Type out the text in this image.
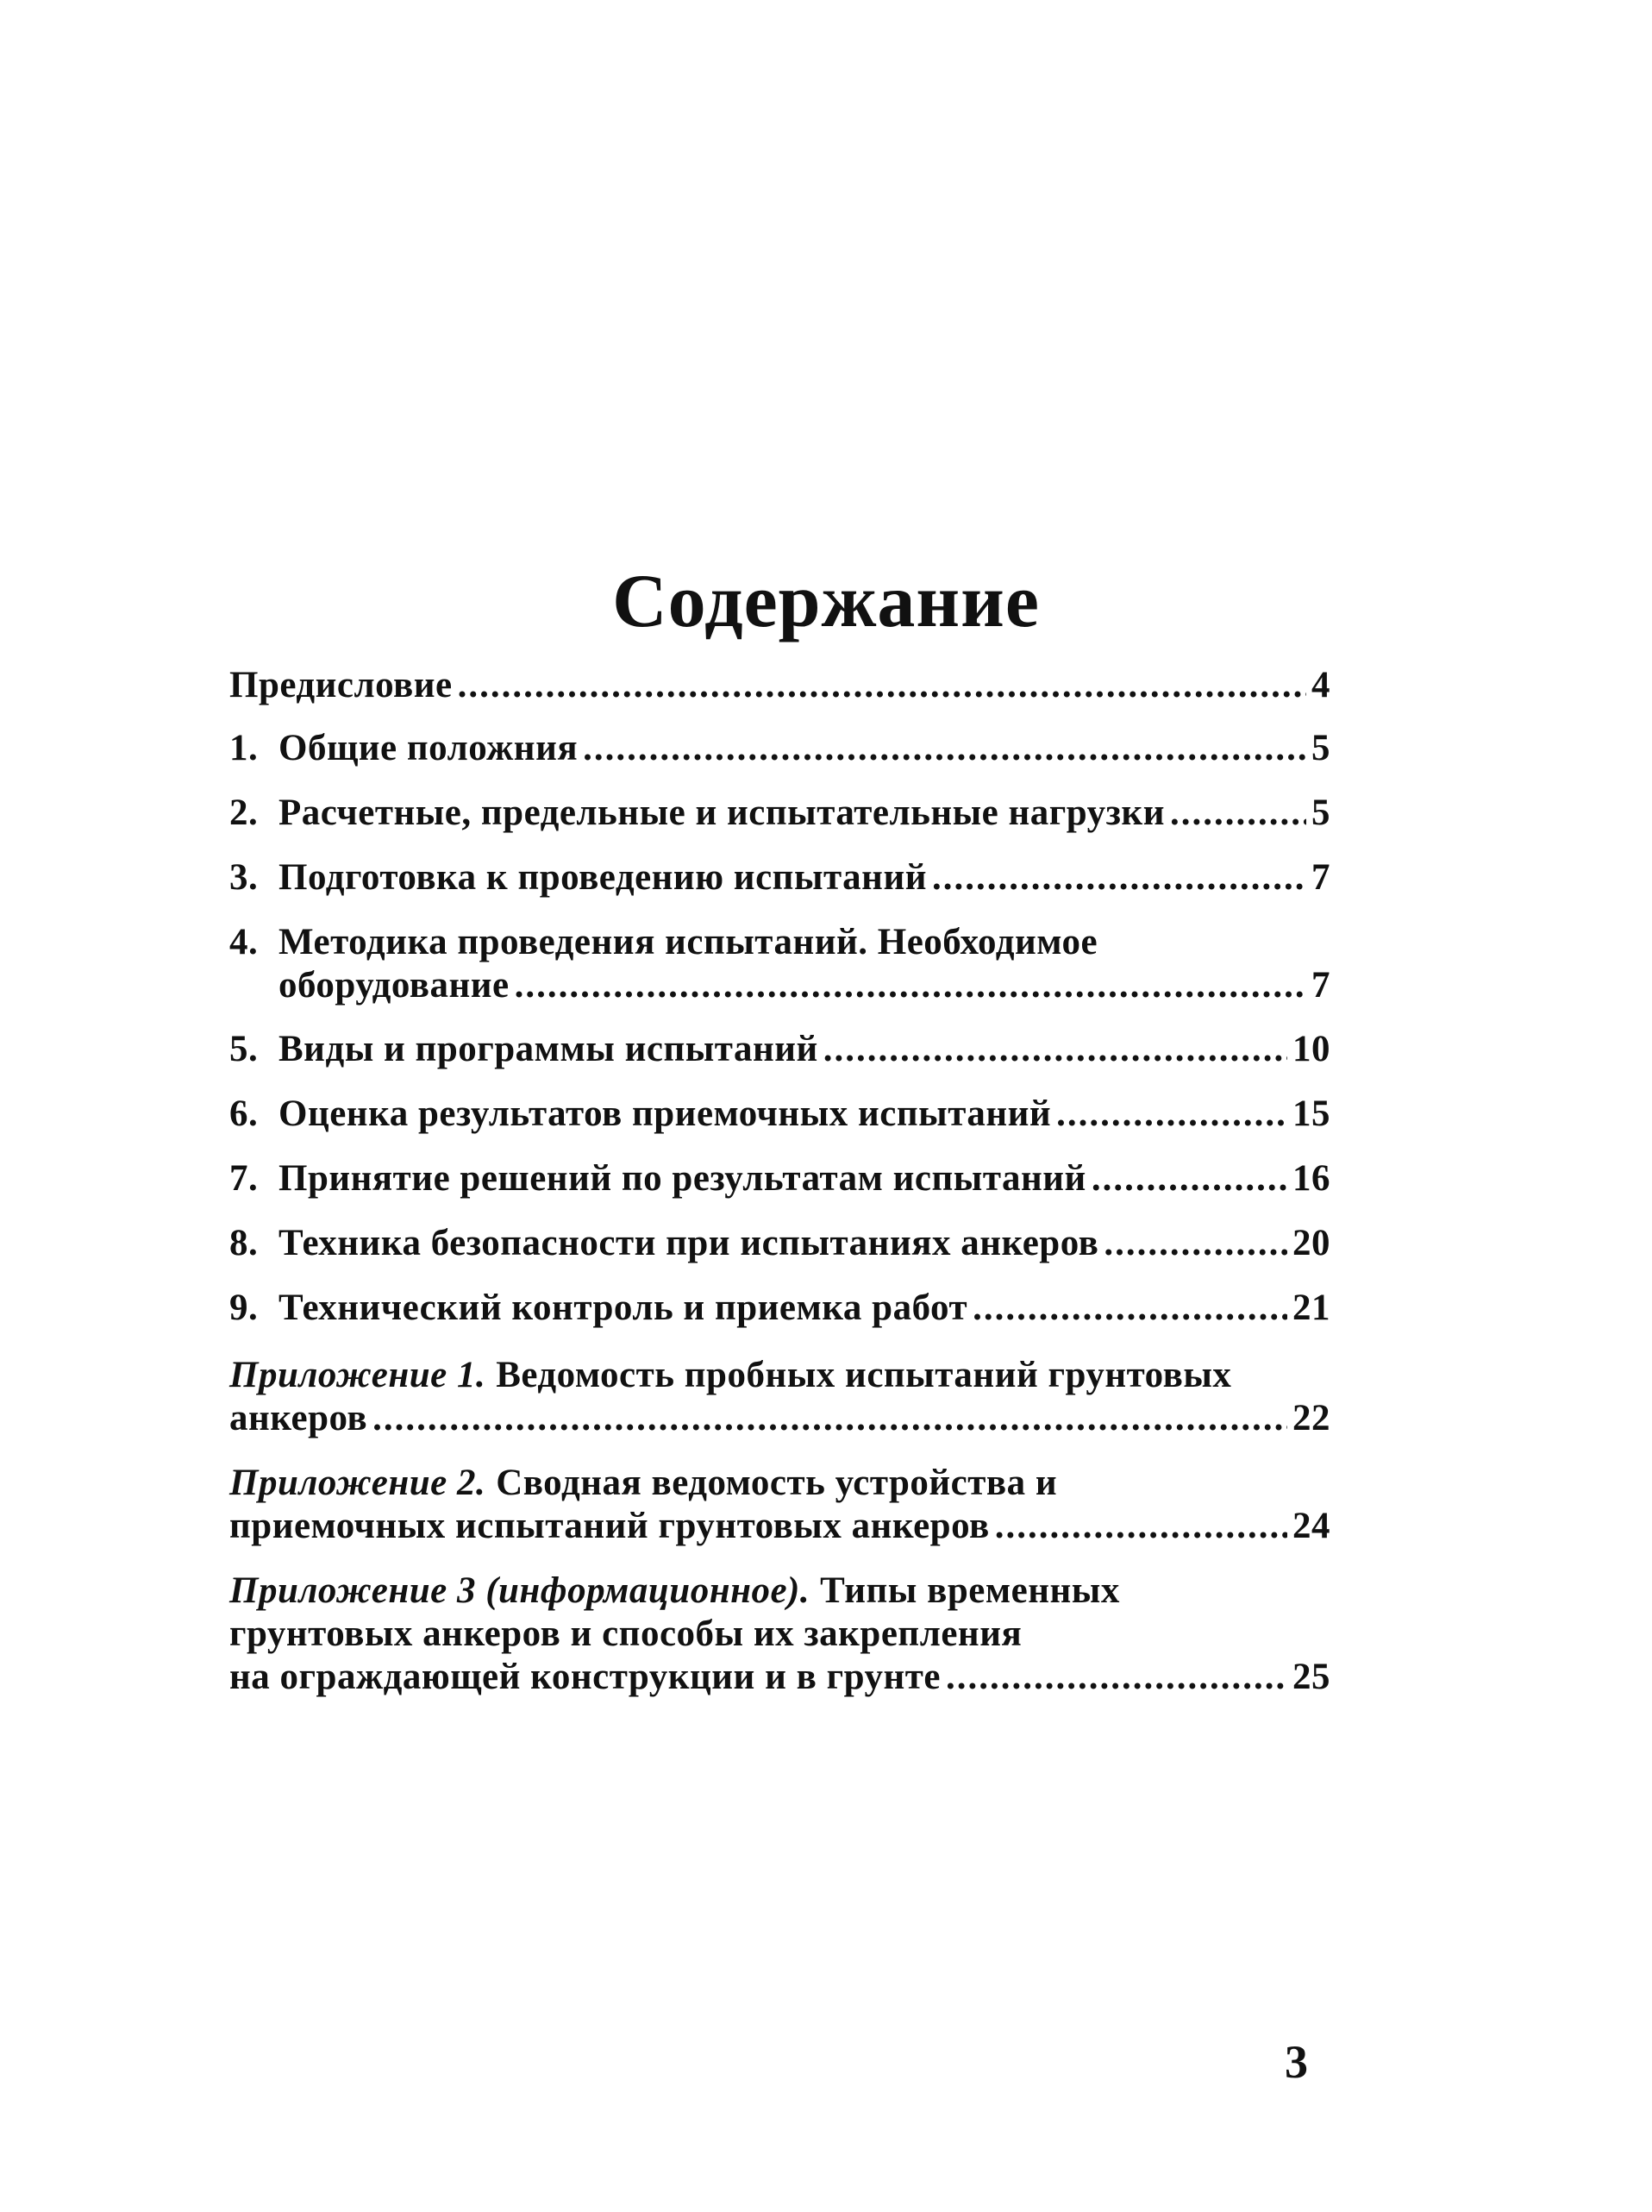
Содержание
Предисловие .....	4
1. Общие положния .....	5
2. Расчетные, предельные и испытательные нагрузки .....	5
3. Подготовка к проведению испытаний .....	7
4. Методика проведения испытаний. Необходимое
оборудование .....	7
5. Виды и программы испытаний .....	10
6. Оценка результатов приемочных испытаний .....	15
7. Принятие решений по результатам испытаний .....	16
8. Техника безопасности при испытаниях анкеров .....	20
9. Технический контроль и приемка работ .....	21
Приложение 1. Ведомость пробных испытаний грунтовых
анкеров .....	22
Приложение 2. Сводная ведомость устройства и
приемочных испытаний грунтовых анкеров .....	24
Приложение 3 (информационное). Типы временных
грунтовых анкеров и способы их закрепления
на ограждающей конструкции и в грунте .....	25
3
